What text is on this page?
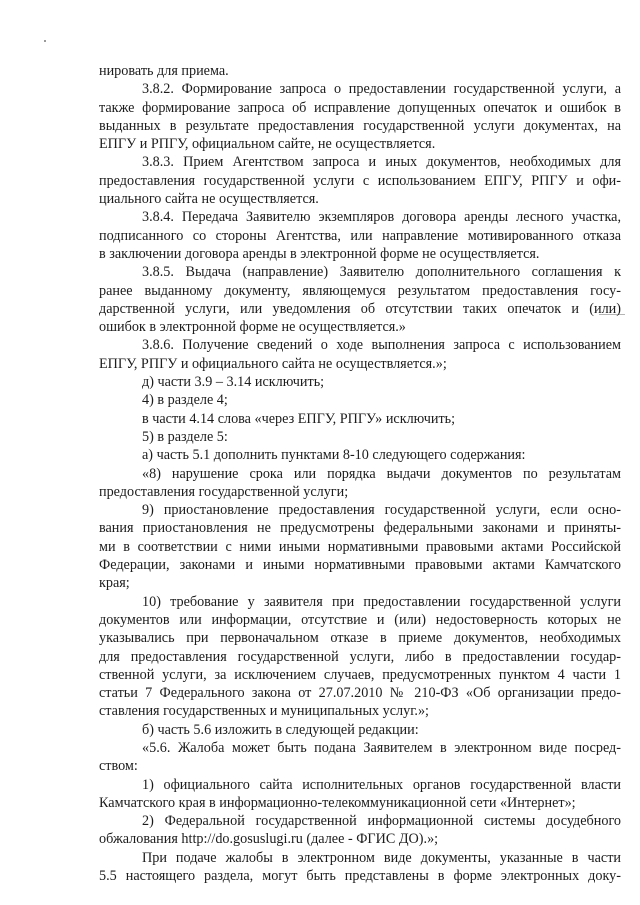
нировать для приема.
3.8.2. Формирование запроса о предоставлении государственной услуги, а
также формирование запроса об исправление допущенных опечаток и ошибок в
выданных в результате предоставления государственной услуги документах, на
ЕПГУ и РПГУ, официальном сайте, не осуществляется.
3.8.3. Прием Агентством запроса и иных документов, необходимых для
предоставления государственной услуги с использованием ЕПГУ, РПГУ и офи-
циального сайта не осуществляется.
3.8.4. Передача Заявителю экземпляров договора аренды лесного участка,
подписанного со стороны Агентства, или направление мотивированного отказа
в заключении договора аренды в электронной форме не осуществляется.
3.8.5. Выдача (направление) Заявителю дополнительного соглашения к
ранее выданному документу, являющемуся результатом предоставления госу-
дарственной услуги, или уведомления об отсутствии таких опечаток и (или)
ошибок в электронной форме не осуществляется.»
3.8.6. Получение сведений о ходе выполнения запроса с использованием
ЕПГУ, РПГУ и официального сайта не осуществляется.»;
д) части 3.9 – 3.14 исключить;
4) в разделе 4;
в части 4.14 слова «через ЕПГУ, РПГУ» исключить;
5) в разделе 5:
а) часть 5.1 дополнить пунктами 8-10 следующего содержания:
«8) нарушение срока или порядка выдачи документов по результатам
предоставления государственной услуги;
9) приостановление предоставления государственной услуги, если осно-
вания приостановления не предусмотрены федеральными законами и приняты-
ми в соответствии с ними иными нормативными правовыми актами Российской
Федерации, законами и иными нормативными правовыми актами Камчатского
края;
10) требование у заявителя при предоставлении государственной услуги
документов или информации, отсутствие и (или) недостоверность которых не
указывались при первоначальном отказе в приеме документов, необходимых
для предоставления государственной услуги, либо в предоставлении государ-
ственной услуги, за исключением случаев, предусмотренных пунктом 4 части 1
статьи 7 Федерального закона от 27.07.2010 № 210-ФЗ «Об организации предо-
ставления государственных и муниципальных услуг.»;
б) часть 5.6 изложить в следующей редакции:
«5.6. Жалоба может быть подана Заявителем в электронном виде посред-
ством:
1) официального сайта исполнительных органов государственной власти
Камчатского края в информационно-телекоммуникационной сети «Интернет»;
2) Федеральной государственной информационной системы досудебного
обжалования http://do.gosuslugi.ru (далее - ФГИС ДО).»;
При подаче жалобы в электронном виде документы, указанные в части
5.5 настоящего раздела, могут быть представлены в форме электронных доку-
